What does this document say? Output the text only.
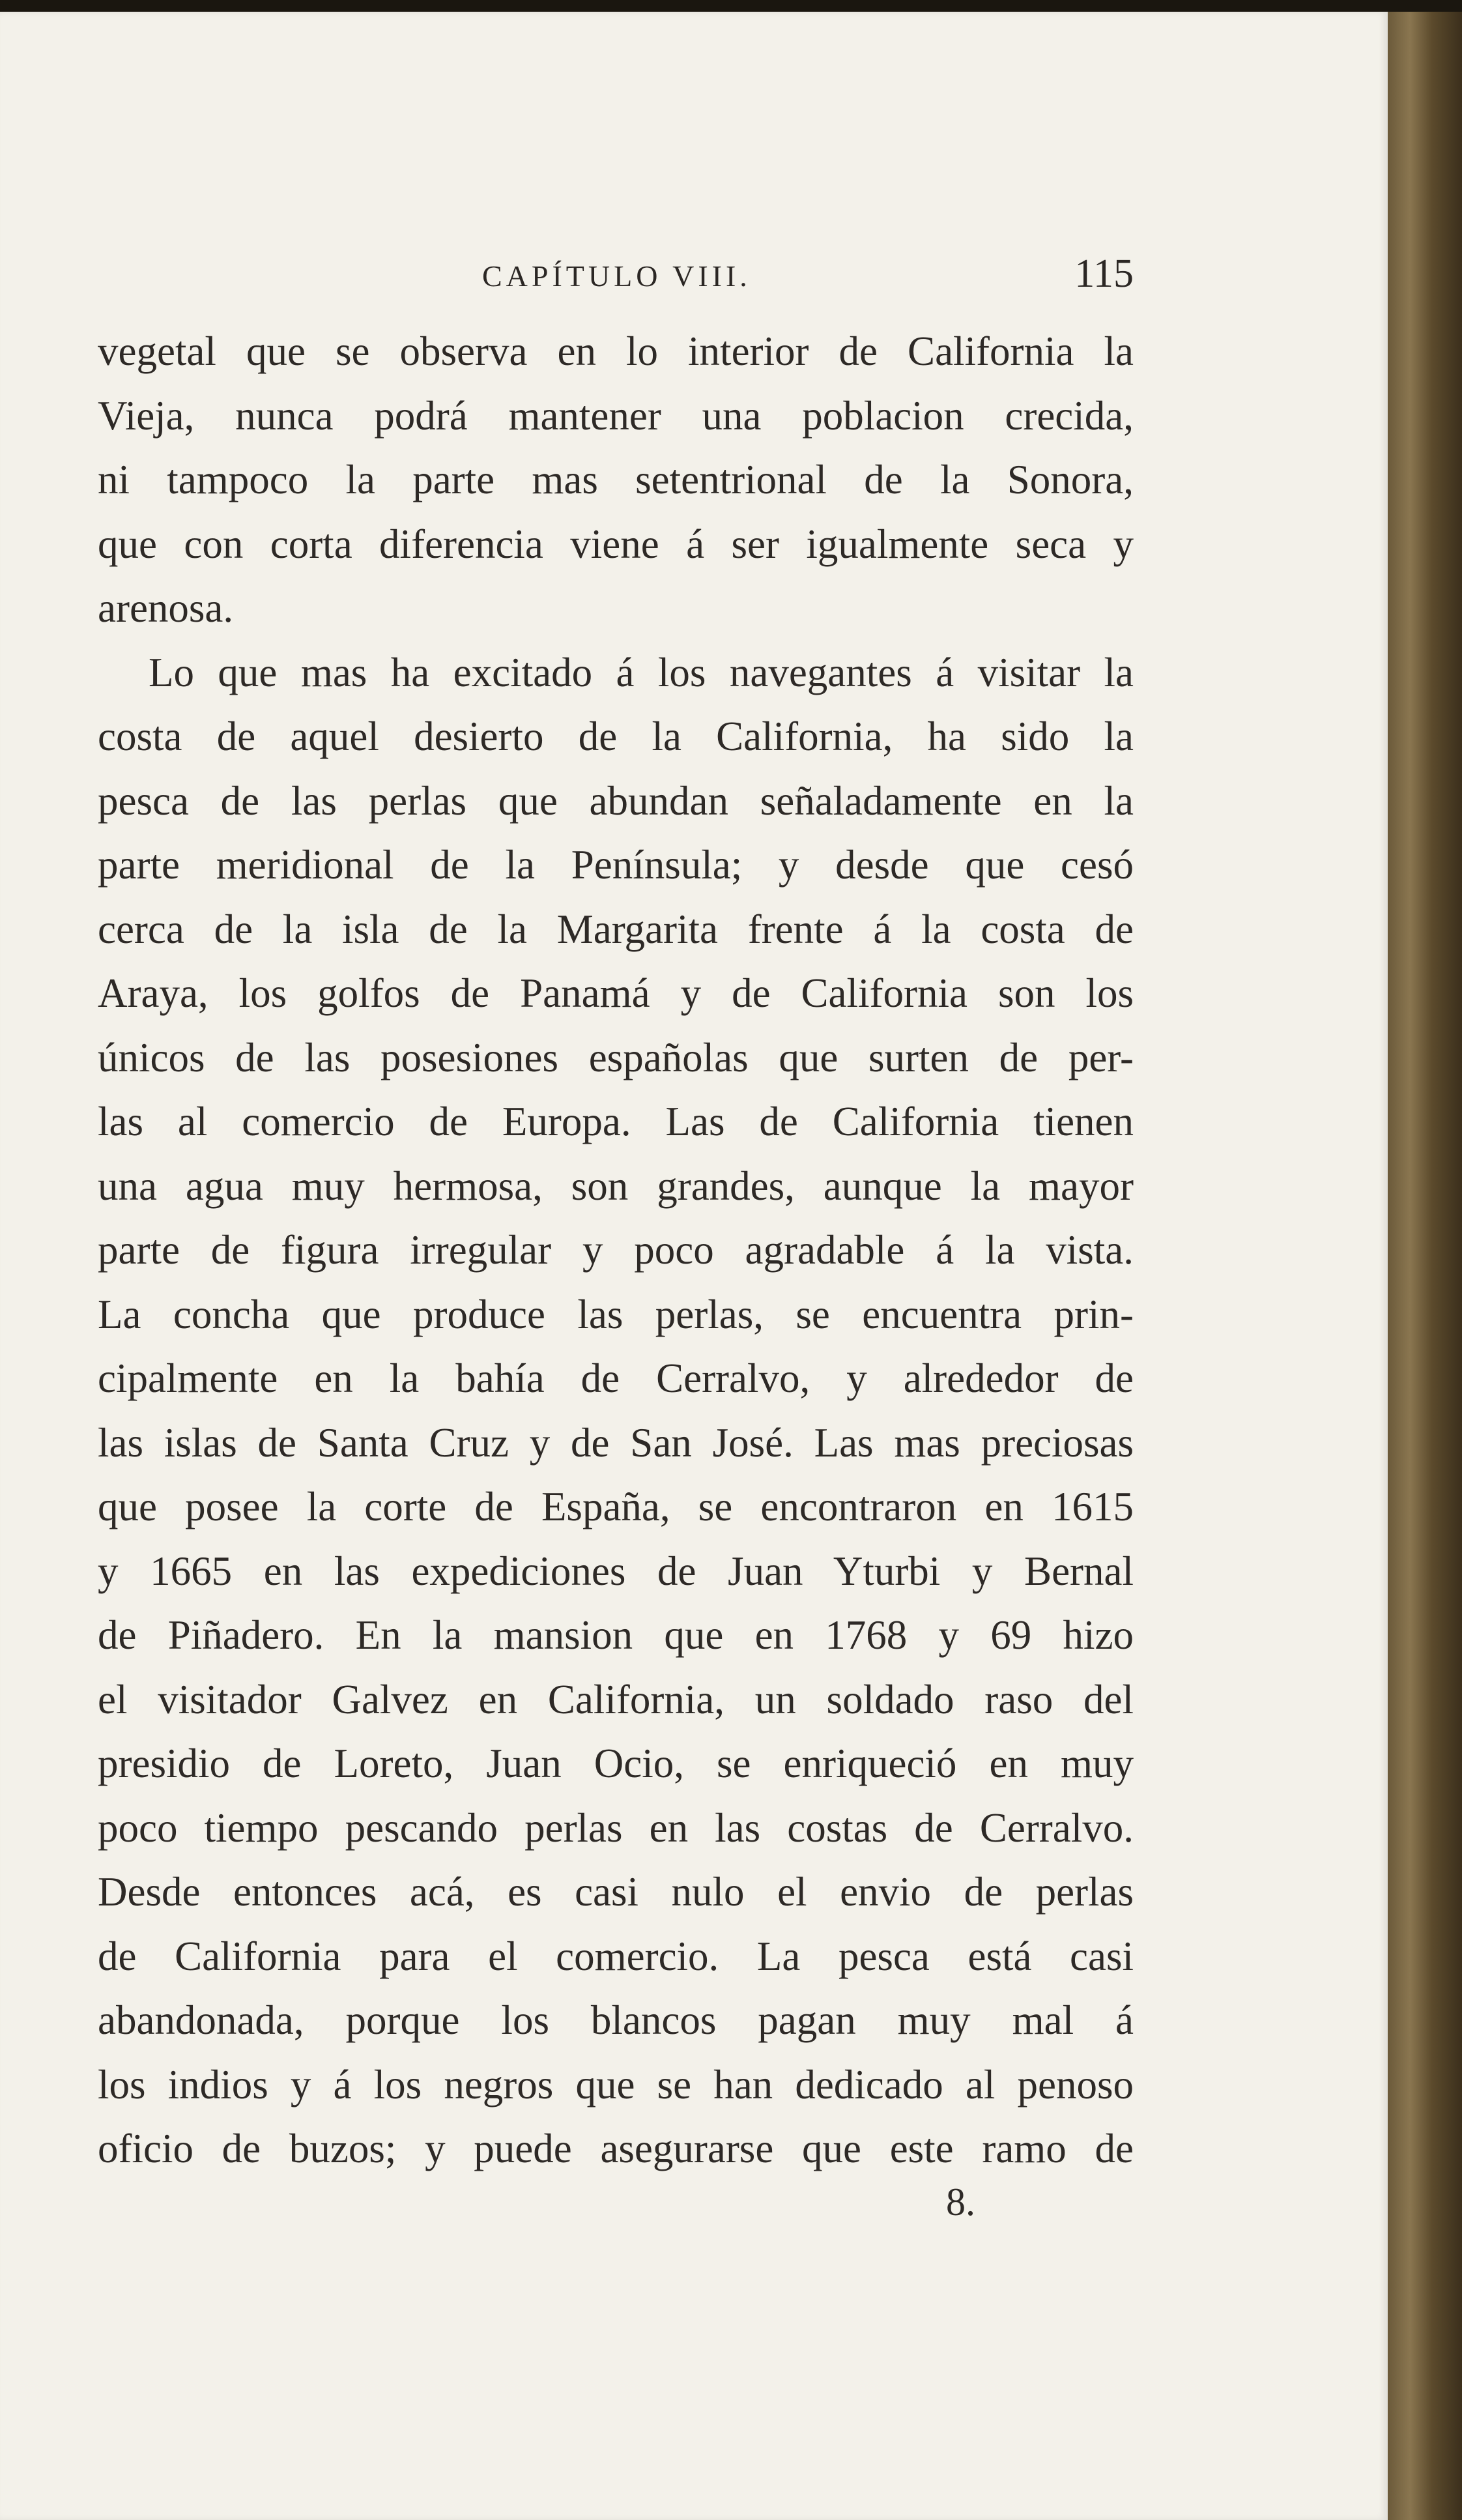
CAPÍTULO VIII.	115
vegetal que se observa en lo interior de California la
Vieja, nunca podrá mantener una poblacion crecida,
ni tampoco la parte mas setentrional de la Sonora,
que con corta diferencia viene á ser igualmente seca y
arenosa.
Lo que mas ha excitado á los navegantes á visitar la
costa de aquel desierto de la California, ha sido la
pesca de las perlas que abundan señaladamente en la
parte meridional de la Península; y desde que cesó
cerca de la isla de la Margarita frente á la costa de
Araya, los golfos de Panamá y de California son los
únicos de las posesiones españolas que surten de per-
las al comercio de Europa. Las de California tienen
una agua muy hermosa, son grandes, aunque la mayor
parte de figura irregular y poco agradable á la vista.
La concha que produce las perlas, se encuentra prin-
cipalmente en la bahía de Cerralvo, y alrededor de
las islas de Santa Cruz y de San José. Las mas preciosas
que posee la corte de España, se encontraron en 1615
y 1665 en las expediciones de Juan Yturbi y Bernal
de Piñadero. En la mansion que en 1768 y 69 hizo
el visitador Galvez en California, un soldado raso del
presidio de Loreto, Juan Ocio, se enriqueció en muy
poco tiempo pescando perlas en las costas de Cerralvo.
Desde entonces acá, es casi nulo el envio de perlas
de California para el comercio. La pesca está casi
abandonada, porque los blancos pagan muy mal á
los indios y á los negros que se han dedicado al penoso
oficio de buzos; y puede asegurarse que este ramo de
8.
